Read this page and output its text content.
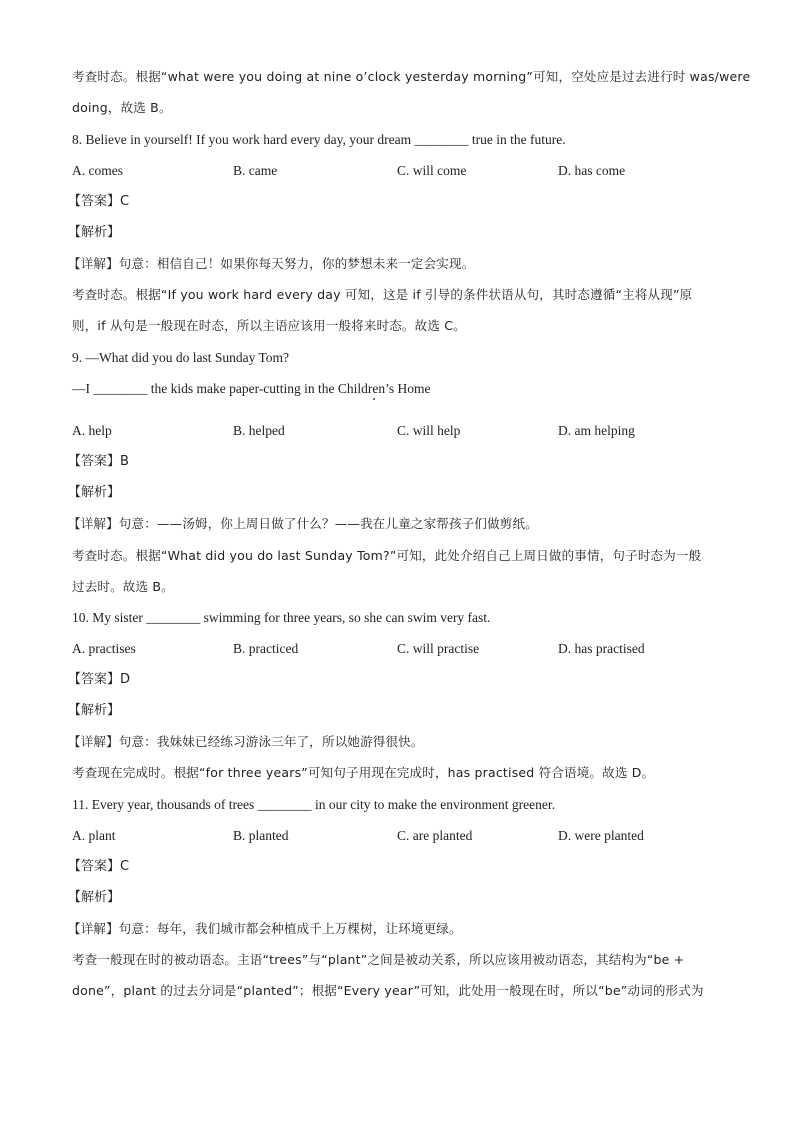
考查时态。根据“what were you doing at nine o’clock yesterday morning”可知，空处应是过去进行时 was/were
doing，故选 B。
8. Believe in yourself! If you work hard every day, your dream ________ true in the future.
A. comes	B. came	C. will come	D. has come
【答案】C
【解析】
【详解】句意：相信自己！如果你每天努力，你的梦想未来一定会实现。
考查时态。根据“If you work hard every day 可知，这是 if 引导的条件状语从句，其时态遵循“主将从现”原
则，if 从句是一般现在时态，所以主语应该用一般将来时态。故选 C。
9. —What did you do last Sunday Tom?
—I ________ the kids make paper-cutting in the Children’s Home
A. help	B. helped	C. will help	D. am helping
【答案】B
【解析】
【详解】句意：——汤姆，你上周日做了什么？——我在儿童之家帮孩子们做剪纸。
考查时态。根据“What did you do last Sunday Tom?”可知，此处介绍自己上周日做的事情，句子时态为一般
过去时。故选 B。
10. My sister ________ swimming for three years, so she can swim very fast.
A. practises	B. practiced	C. will practise	D. has practised
【答案】D
【解析】
【详解】句意：我妹妹已经练习游泳三年了，所以她游得很快。
考查现在完成时。根据“for three years”可知句子用现在完成时，has practised 符合语境。故选 D。
11. Every year, thousands of trees ________ in our city to make the environment greener.
A. plant	B. planted	C. are planted	D. were planted
【答案】C
【解析】
【详解】句意：每年，我们城市都会种植成千上万棵树，让环境更绿。
考查一般现在时的被动语态。主语“trees”与“plant”之间是被动关系，所以应该用被动语态，其结构为“be +
done”，plant 的过去分词是“planted”；根据“Every year”可知，此处用一般现在时，所以“be”动词的形式为
